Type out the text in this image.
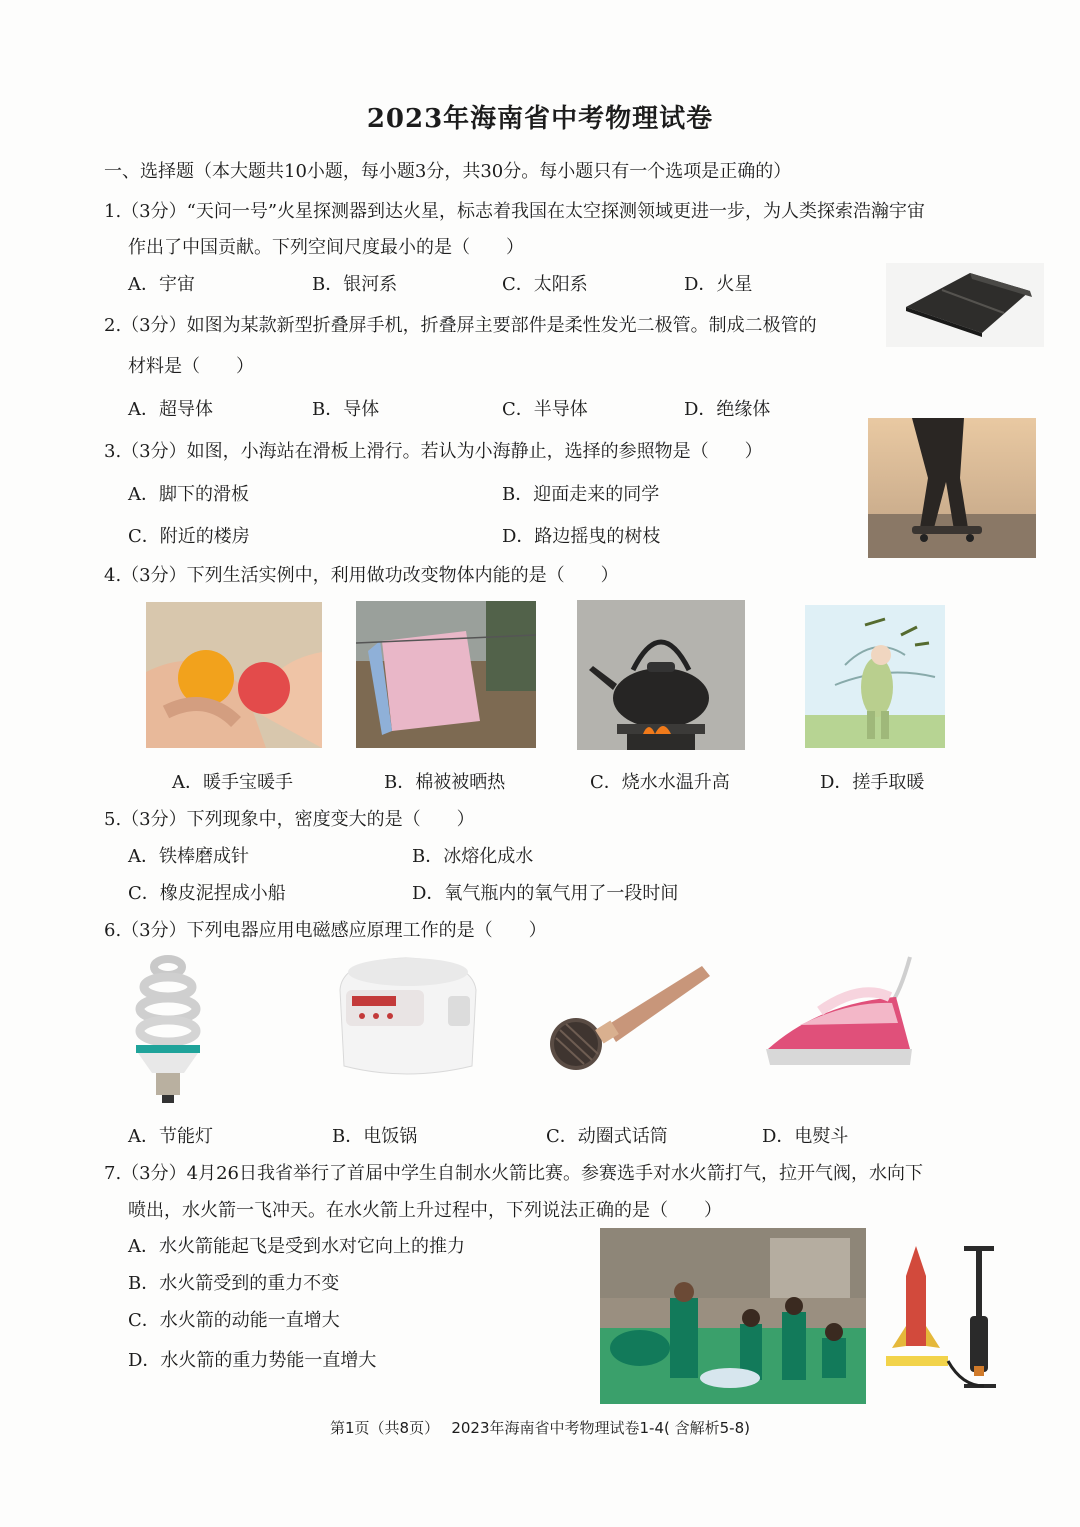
2023年海南省中考物理试卷
一、选择题（本大题共10小题，每小题3分，共30分。每小题只有一个选项是正确的）
1.（3分）“天问一号”火星探测器到达火星，标志着我国在太空探测领域更进一步，为人类探索浩瀚宇宙
作出了中国贡献。下列空间尺度最小的是（　　）
A．宇宙	B．银河系	C．太阳系	D．火星
2.（3分）如图为某款新型折叠屏手机，折叠屏主要部件是柔性发光二极管。制成二极管的
材料是（　　）
A．超导体	B．导体	C．半导体	D．绝缘体
3.（3分）如图，小海站在滑板上滑行。若认为小海静止，选择的参照物是（　　）
A．脚下的滑板	B．迎面走来的同学
C．附近的楼房	D．路边摇曳的树枝
4.（3分）下列生活实例中，利用做功改变物体内能的是（　　）
A．暖手宝暖手	B．棉被被晒热	C．烧水水温升高	D．搓手取暖
5.（3分）下列现象中，密度变大的是（　　）
A．铁棒磨成针	B．冰熔化成水
C．橡皮泥捏成小船	D．氧气瓶内的氧气用了一段时间
6.（3分）下列电器应用电磁感应原理工作的是（　　）
A．节能灯	B．电饭锅	C．动圈式话筒	D．电熨斗
7.（3分）4月26日我省举行了首届中学生自制水火箭比赛。参赛选手对水火箭打气，拉开气阀，水向下
喷出，水火箭一飞冲天。在水火箭上升过程中，下列说法正确的是（　　）
A．水火箭能起飞是受到水对它向上的推力
B．水火箭受到的重力不变
C．水火箭的动能一直增大
D．水火箭的重力势能一直增大
第1页（共8页）　 2023年海南省中考物理试卷1-4( 含解析5-8)
